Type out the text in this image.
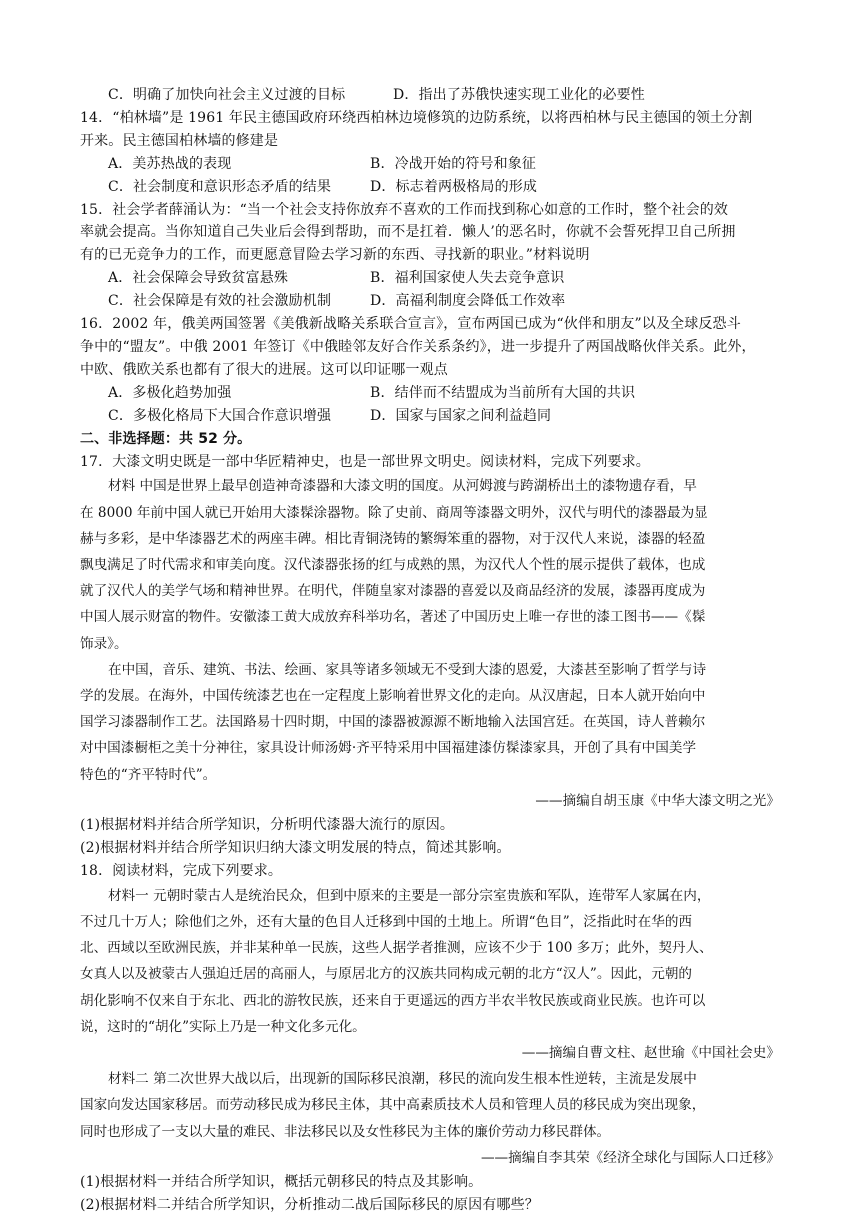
C．明确了加快向社会主义过渡的目标	D．指出了苏俄快速实现工业化的必要性
14．“柏林墙”是 1961 年民主德国政府环绕西柏林边境修筑的边防系统，以将西柏林与民主德国的领土分割
开来。民主德国柏林墙的修建是
A．美苏热战的表现	B．冷战开始的符号和象征
C．社会制度和意识形态矛盾的结果	D．标志着两极格局的形成
15．社会学者薛涌认为：“当一个社会支持你放弃不喜欢的工作而找到称心如意的工作时，整个社会的效
率就会提高。当你知道自己失业后会得到帮助，而不是扛着．懒人’的恶名时，你就不会誓死捍卫自己所拥
有的已无竞争力的工作，而更愿意冒险去学习新的东西、寻找新的职业。”材料说明
A．社会保障会导致贫富悬殊	B．福利国家使人失去竞争意识
C．社会保障是有效的社会激励机制	D．高福利制度会降低工作效率
16．2002 年，俄美两国签署《美俄新战略关系联合宣言》，宣布两国已成为“伙伴和朋友”以及全球反恐斗
争中的“盟友”。中俄 2001 年签订《中俄睦邻友好合作关系条约》，进一步提升了两国战略伙伴关系。此外，
中欧、俄欧关系也都有了很大的进展。这可以印证哪一观点
A．多极化趋势加强	B．结伴而不结盟成为当前所有大国的共识
C．多极化格局下大国合作意识增强	D．国家与国家之间利益趋同
二、非选择题：共 52 分。
17．大漆文明史既是一部中华匠精神史，也是一部世界文明史。阅读材料，完成下列要求。
材料 中国是世界上最早创造神奇漆器和大漆文明的国度。从河姆渡与跨湖桥出土的漆物遗存看，早
在 8000 年前中国人就已开始用大漆髹涂器物。除了史前、商周等漆器文明外，汉代与明代的漆器最为显
赫与多彩，是中华漆器艺术的两座丰碑。相比青铜浇铸的繁缛笨重的器物，对于汉代人来说，漆器的轻盈
飘曳满足了时代需求和审美向度。汉代漆器张扬的红与成熟的黑，为汉代人个性的展示提供了载体，也成
就了汉代人的美学气场和精神世界。在明代，伴随皇家对漆器的喜爱以及商品经济的发展，漆器再度成为
中国人展示财富的物件。安徽漆工黄大成放弃科举功名，著述了中国历史上唯一存世的漆工图书——《髹
饰录》。
在中国，音乐、建筑、书法、绘画、家具等诸多领域无不受到大漆的恩爱，大漆甚至影响了哲学与诗
学的发展。在海外，中国传统漆艺也在一定程度上影响着世界文化的走向。从汉唐起，日本人就开始向中
国学习漆器制作工艺。法国路易十四时期，中国的漆器被源源不断地输入法国宫廷。在英国，诗人普赖尔
对中国漆橱柜之美十分神往，家具设计师汤姆·齐平特采用中国福建漆仿髹漆家具，开创了具有中国美学
特色的“齐平特时代”。
——摘编自胡玉康《中华大漆文明之光》
(1)根据材料并结合所学知识，分析明代漆器大流行的原因。
(2)根据材料并结合所学知识归纳大漆文明发展的特点，简述其影响。
18．阅读材料，完成下列要求。
材料一 元朝时蒙古人是统治民众，但到中原来的主要是一部分宗室贵族和军队，连带军人家属在内，
不过几十万人；除他们之外，还有大量的色目人迁移到中国的土地上。所谓“色目”，泛指此时在华的西
北、西域以至欧洲民族，并非某种单一民族，这些人据学者推测，应该不少于 100 多万；此外，契丹人、
女真人以及被蒙古人强迫迁居的高丽人，与原居北方的汉族共同构成元朝的北方“汉人”。因此，元朝的
胡化影响不仅来自于东北、西北的游牧民族，还来自于更遥远的西方半农半牧民族或商业民族。也许可以
说，这时的“胡化”实际上乃是一种文化多元化。
——摘编自曹文柱、赵世瑜《中国社会史》
材料二 第二次世界大战以后，出现新的国际移民浪潮，移民的流向发生根本性逆转，主流是发展中
国家向发达国家移居。而劳动移民成为移民主体，其中高素质技术人员和管理人员的移民成为突出现象，
同时也形成了一支以大量的难民、非法移民以及女性移民为主体的廉价劳动力移民群体。
——摘编自李其荣《经济全球化与国际人口迁移》
(1)根据材料一并结合所学知识，概括元朝移民的特点及其影响。
(2)根据材料二并结合所学知识，分析推动二战后国际移民的原因有哪些？
